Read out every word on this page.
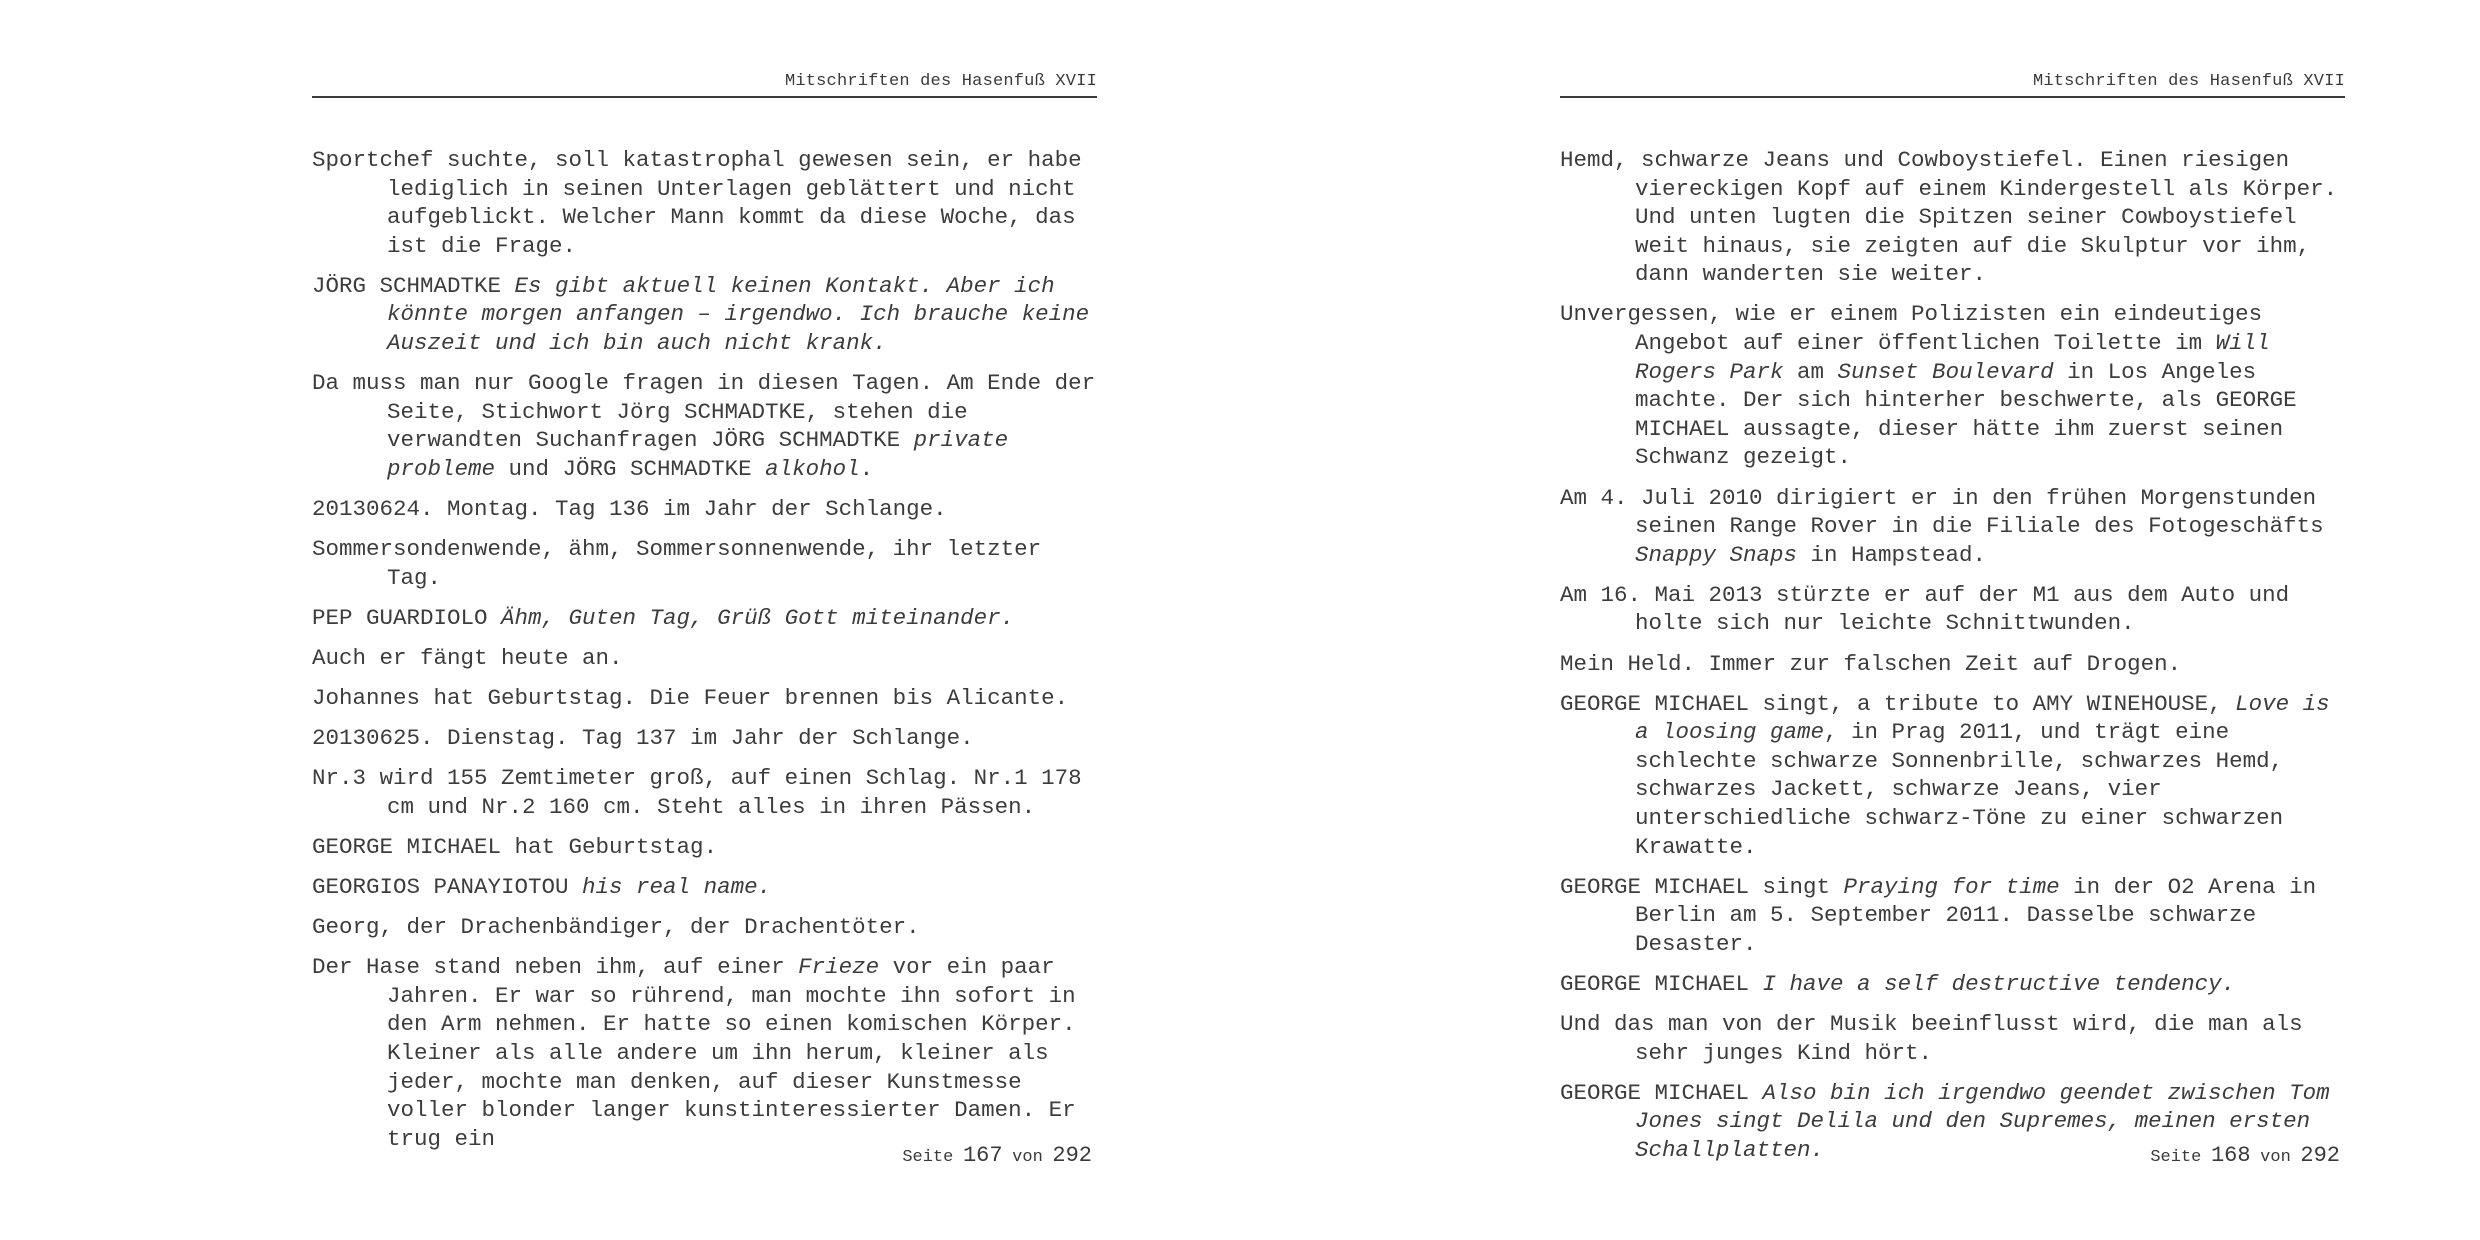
Mitschriften des Hasenfuß XVII

Sportchef suchte, soll katastrophal gewesen sein, er habe lediglich in seinen Unterlagen geblättert und nicht aufgeblickt. Welcher Mann kommt da diese Woche, das ist die Frage.

JÖRG SCHMADTKE Es gibt aktuell keinen Kontakt. Aber ich könnte morgen anfangen – irgendwo. Ich brauche keine Auszeit und ich bin auch nicht krank.

Da muss man nur Google fragen in diesen Tagen. Am Ende der Seite, Stichwort Jörg SCHMADTKE, stehen die verwandten Suchanfragen JÖRG SCHMADTKE private probleme und JÖRG SCHMADTKE alkohol.

20130624. Montag. Tag 136 im Jahr der Schlange.

Sommersondenwende, ähm, Sommersonnenwende, ihr letzter Tag.

PEP GUARDIOLO Ähm, Guten Tag, Grüß Gott miteinander.

Auch er fängt heute an.

Johannes hat Geburtstag. Die Feuer brennen bis Alicante.

20130625. Dienstag. Tag 137 im Jahr der Schlange.

Nr.3 wird 155 Zemtimeter groß, auf einen Schlag. Nr.1 178 cm und Nr.2 160 cm. Steht alles in ihren Pässen.

GEORGE MICHAEL hat Geburtstag.

GEORGIOS PANAYIOTOU his real name.

Georg, der Drachenbändiger, der Drachentöter.

Der Hase stand neben ihm, auf einer Frieze vor ein paar Jahren. Er war so rührend, man mochte ihn sofort in den Arm nehmen. Er hatte so einen komischen Körper. Kleiner als alle andere um ihn herum, kleiner als jeder, mochte man denken, auf dieser Kunstmesse voller blonder langer kunstinteressierter Damen. Er trug ein

Seite 167 von 292
Mitschriften des Hasenfuß XVII

Hemd, schwarze Jeans und Cowboystiefel. Einen riesigen viereckigen Kopf auf einem Kindergestell als Körper. Und unten lugten die Spitzen seiner Cowboystiefel weit hinaus, sie zeigten auf die Skulptur vor ihm, dann wanderten sie weiter.

Unvergessen, wie er einem Polizisten ein eindeutiges Angebot auf einer öffentlichen Toilette im Will Rogers Park am Sunset Boulevard in Los Angeles machte. Der sich hinterher beschwerte, als GEORGE MICHAEL aussagte, dieser hätte ihm zuerst seinen Schwanz gezeigt.

Am 4. Juli 2010 dirigiert er in den frühen Morgenstunden seinen Range Rover in die Filiale des Fotogeschäfts Snappy Snaps in Hampstead.

Am 16. Mai 2013 stürzte er auf der M1 aus dem Auto und holte sich nur leichte Schnittwunden.

Mein Held. Immer zur falschen Zeit auf Drogen.

GEORGE MICHAEL singt, a tribute to AMY WINEHOUSE, Love is a loosing game, in Prag 2011, und trägt eine schlechte schwarze Sonnenbrille, schwarzes Hemd, schwarzes Jackett, schwarze Jeans, vier unterschiedliche schwarz-Töne zu einer schwarzen Krawatte.

GEORGE MICHAEL singt Praying for time in der O2 Arena in Berlin am 5. September 2011. Dasselbe schwarze Desaster.

GEORGE MICHAEL I have a self destructive tendency.

Und das man von der Musik beeinflusst wird, die man als sehr junges Kind hört.

GEORGE MICHAEL Also bin ich irgendwo geendet zwischen Tom Jones singt Delila und den Supremes, meinen ersten Schallplatten.	Seite 168 von 292
